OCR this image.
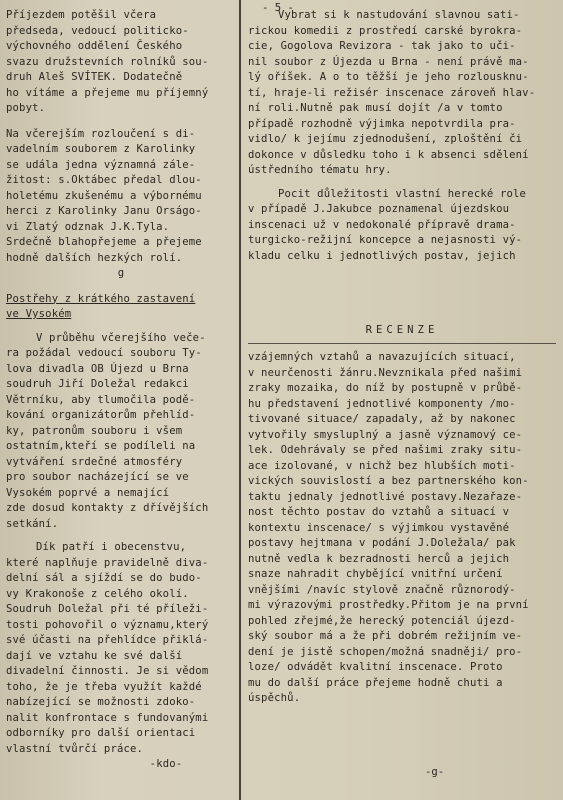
- 5 -

Příjezdem potěšil včera

předseda, vedoucí politicko-

výchovného oddělení Českého

svazu družstevních rolníků sou-

druh Aleš SVÍTEK. Dodatečně

ho vítáme a přejeme mu příjemný

pobyt.

Na včerejším rozloučení s di-

vadelním souborem z Karolinky

se udála jedna významná zále-

žitost: s.Oktábec předal dlou-

holetému zkušenému a výbornému

herci z Karolinky Janu Orságo-

vi Zlatý odznak J.K.Tyla.

Srdečně blahopřejeme a přejeme

hodně dalších hezkých rolí.

g

Postřehy z krátkého zastavení

ve Vysokém

V průběhu včerejšího veče-

ra požádal vedoucí souboru Ty-

lova divadla OB Újezd u Brna

soudruh Jiří Doležal redakci

Větrníku, aby tlumočila podě-

kování organizátorům přehlíd-

ky, patronům souboru i všem

ostatním,kteří se podíleli na

vytváření srdečné atmosféry

pro soubor nacházející se ve

Vysokém poprvé a nemající

zde dosud kontakty z dřívějších

setkání.

Dík patří i obecenstvu,

které naplňuje pravidelně diva-

delní sál a sjíždí se do budo-

vy Krakonoše z celého okolí.

Soudruh Doležal při té příleži-

tosti pohovořil o významu,který

své účasti na přehlídce přiklá-

dají ve vztahu ke své další

divadelní činnosti. Je si vědom

toho, že je třeba využít každé

nabízející se možnosti zdoko-

nalit konfrontace s fundovanými

odborníky pro další orientaci

vlastní tvůrčí práce.

-kdo-

Vybrat si k nastudování slavnou sati-

rickou komedii z prostředí carské byrokra-

cie, Gogolova Revizora - tak jako to uči-

nil soubor z Újezda u Brna - není právě ma-

lý oříšek. A o to těžší je jeho rozlousknu-

tí, hraje-li režisér inscenace zároveň hlav-

ní roli.Nutně pak musí dojít /a v tomto

případě rozhodně výjimka nepotvrdila pra-

vidlo/ k jejímu zjednodušení, zploštění či

dokonce v důsledku toho i k absenci sdělení

ústředního tématu hry.

Pocit důležitosti vlastní herecké role

v případě J.Jakubce poznamenal újezdskou

inscenaci už v nedokonalé přípravě drama-

turgicko-režijní koncepce a nejasnosti vý-

kladu celku i jednotlivých postav, jejich

RECENZE

vzájemných vztahů a navazujících situací,

v neurčenosti žánru.Nevznikala před našimi

zraky mozaika, do níž by postupně v průbě-

hu představení jednotlivé komponenty /mo-

tivované situace/ zapadaly, až by nakonec

vytvořily smysluplný a jasně významový ce-

lek. Odehrávaly se před našimi zraky situ-

ace izolované, v nichž bez hlubších moti-

vických souvislostí a bez partnerského kon-

taktu jednaly jednotlivé postavy.Nezařaze-

nost těchto postav do vztahů a situací v

kontextu inscenace/ s výjimkou vystavěné

postavy hejtmana v podání J.Doležala/ pak

nutně vedla k bezradnosti herců a jejich

snaze nahradit chybějící vnitřní určení

vnějšími /navíc stylově značně různorodý-

mi výrazovými prostředky.Přitom je na první

pohled zřejmé,že herecký potenciál újezd-

ský soubor má a že při dobrém režijním ve-

dení je jistě schopen/možná snadněji/ pro-

loze/ odvádět kvalitní inscenace. Proto

mu do další práce přejeme hodně chuti a

úspěchů.

-g-
